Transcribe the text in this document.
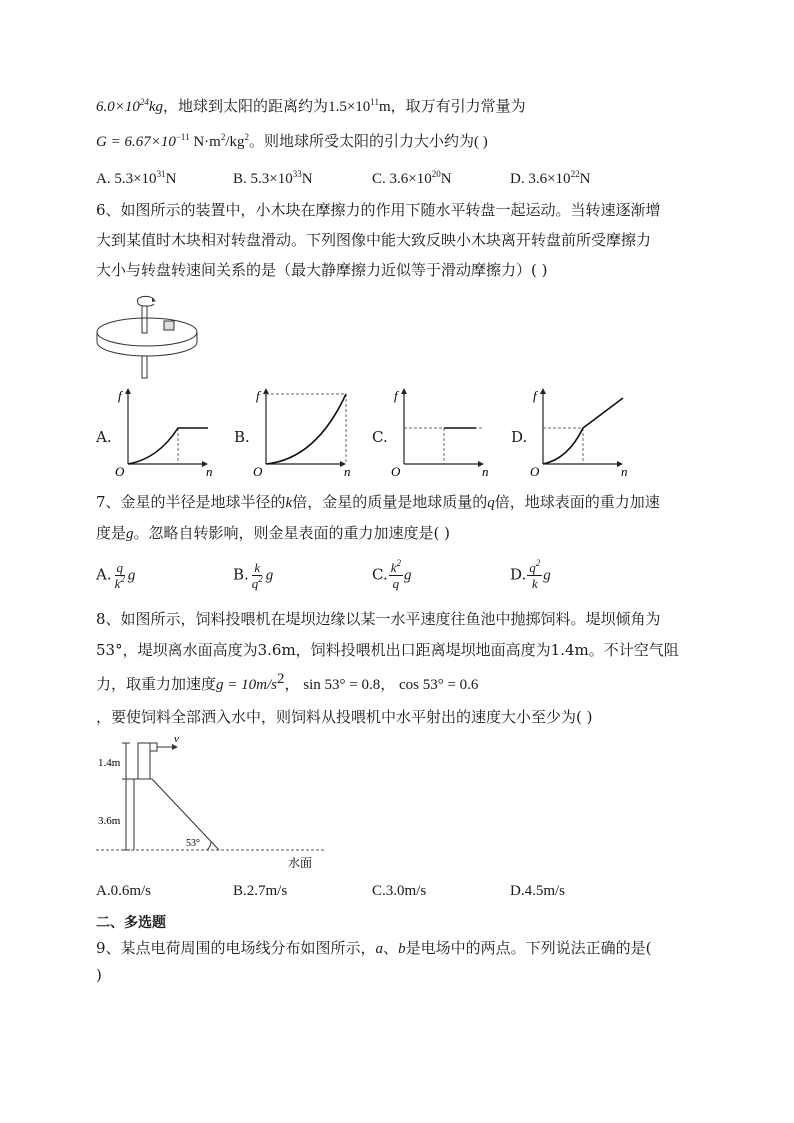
$6.0\times 10^{24}kg$，地球到太阳的距离约为$1.5\times 10^{11}m$，取万有引力常量为
$G = 6.67\times 10^{-11}$ $N\cdot m^2/kg^2$。则地球所受太阳的引力大小约为( )
A. $5.3\times 10^{31}N$	B. $5.3\times 10^{33}N$	C. $3.6\times 10^{20}N$	D. $3.6\times 10^{22}N$
6、如图所示的装置中，小木块在摩擦力的作用下随水平转盘一起运动。当转速逐渐增
大到某值时木块相对转盘滑动。下列图像中能大致反映小木块离开转盘前所受摩擦力
大小与转盘转速间关系的是（最大静摩擦力近似等于滑动摩擦力）( )
A.
f
n
O
B.
f
n
O
C.
f
n
O
D.
f
n
O
7、金星的半径是地球半径的k倍，金星的质量是地球质量的q倍，地球表面的重力加速
度是g。忽略自转影响，则金星表面的重力加速度是( )
A. $\frac{q}{k^2}$ g	B. $\frac{k}{q^2}$ g	C. $\frac{k^2}{q}$ g	D. $\frac{q^2}{k}$ g
8、如图所示，饲料投喂机在堤坝边缘以某一水平速度往鱼池中抛掷饲料。堤坝倾角为
53°，堤坝离水面高度为3.6m，饲料投喂机出口距离堤坝地面高度为1.4m。不计空气阻
力，取重力加速度$g = 10m/s^2$， sin 53° = 0.8， cos 53° = 0.6
，要使饲料全部洒入水中，则饲料从投喂机中水平射出的速度大小至少为( )
v
53°
1.4m
3.6m
水面
A.0.6m/s	B.2.7m/s	C.3.0m/s	D.4.5m/s
二、多选题
9、某点电荷周围的电场线分布如图所示，a、b是电场中的两点。下列说法正确的是(
)
